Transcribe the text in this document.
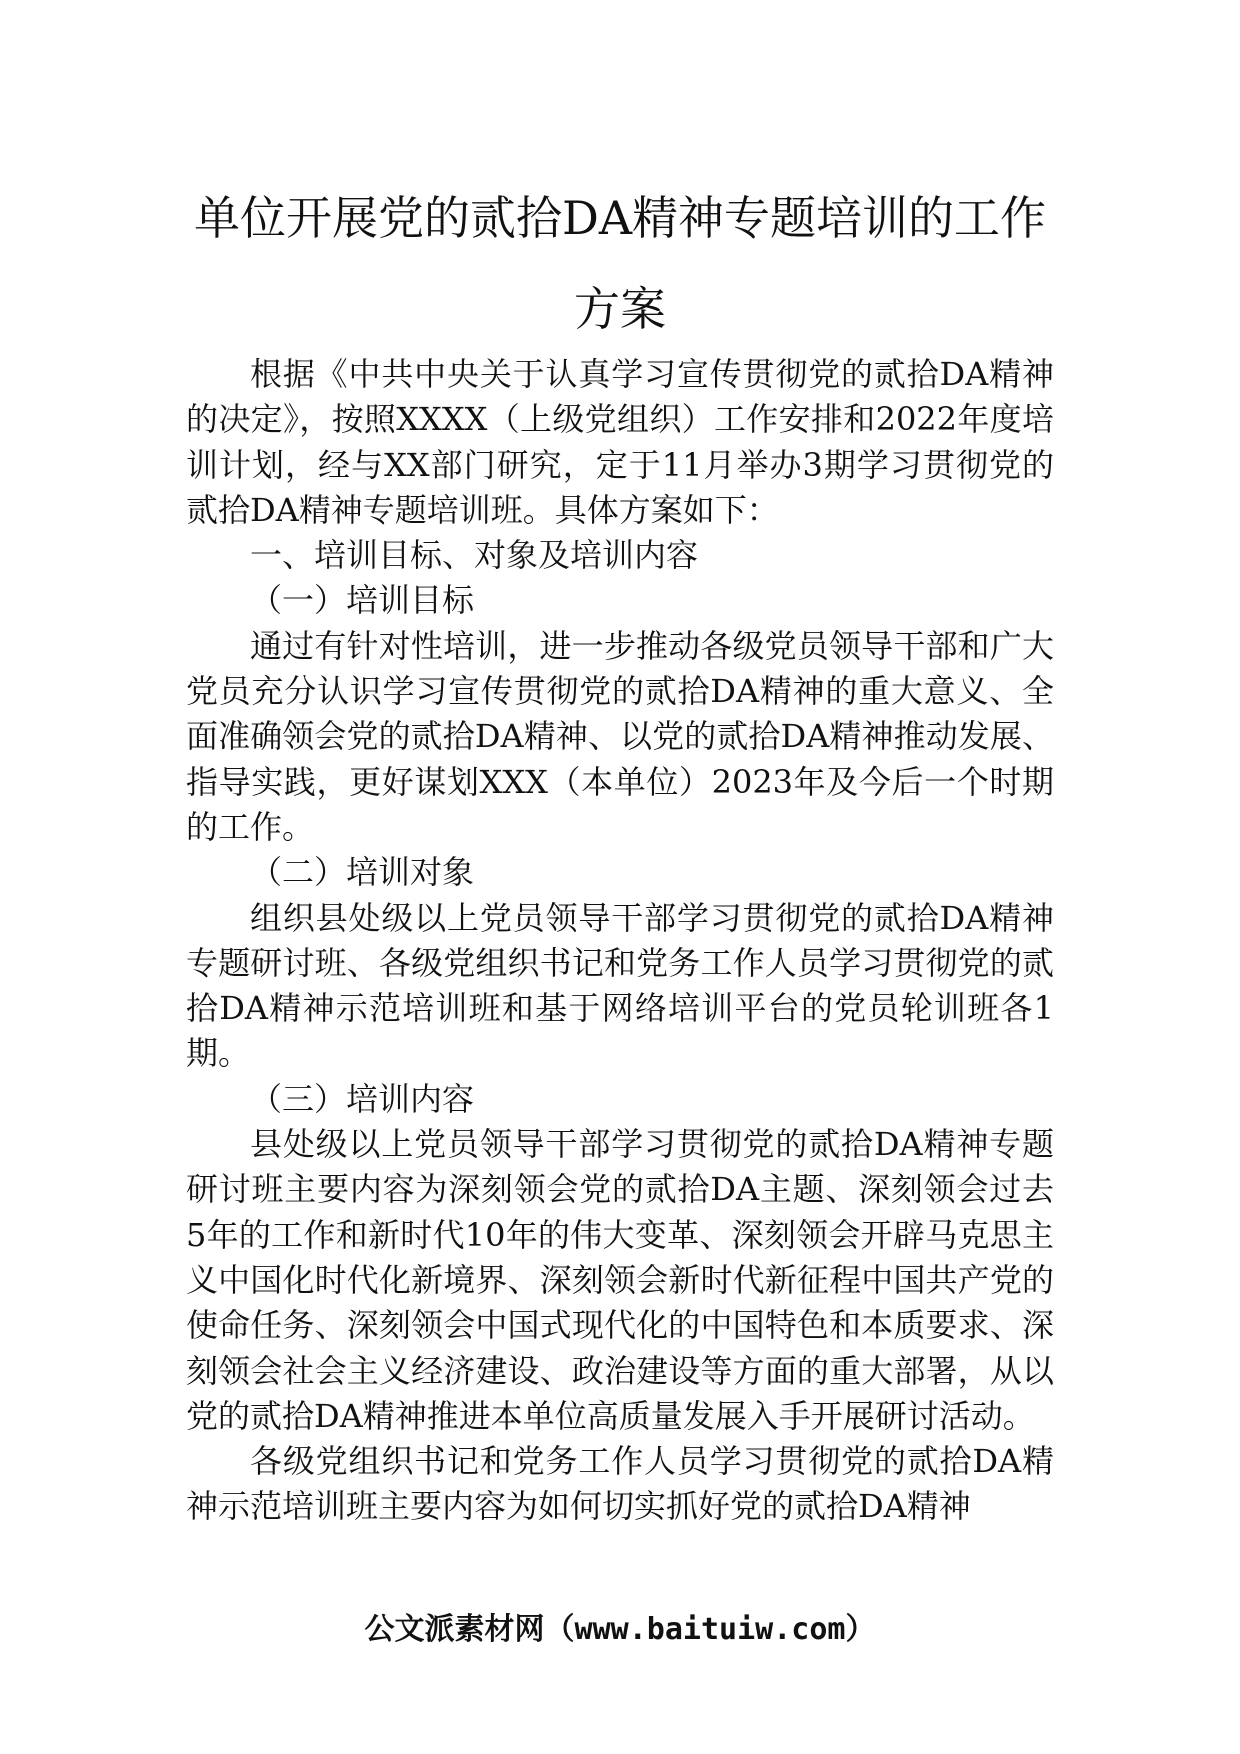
单位开展党的贰拾DA精神专题培训的工作
方案

根据《中共中央关于认真学习宣传贯彻党的贰拾DA精神的决定》，按照XXXX（上级党组织）工作安排和2022年度培训计划，经与XX部门研究，定于11月举办3期学习贯彻党的贰拾DA精神专题培训班。具体方案如下：

一、培训目标、对象及培训内容

（一）培训目标

通过有针对性培训，进一步推动各级党员领导干部和广大党员充分认识学习宣传贯彻党的贰拾DA精神的重大意义、全面准确领会党的贰拾DA精神、以党的贰拾DA精神推动发展、指导实践，更好谋划XXX（本单位）2023年及今后一个时期的工作。

（二）培训对象

组织县处级以上党员领导干部学习贯彻党的贰拾DA精神专题研讨班、各级党组织书记和党务工作人员学习贯彻党的贰拾DA精神示范培训班和基于网络培训平台的党员轮训班各1期。

（三）培训内容

县处级以上党员领导干部学习贯彻党的贰拾DA精神专题研讨班主要内容为深刻领会党的贰拾DA主题、深刻领会过去5年的工作和新时代10年的伟大变革、深刻领会开辟马克思主义中国化时代化新境界、深刻领会新时代新征程中国共产党的使命任务、深刻领会中国式现代化的中国特色和本质要求、深刻领会社会主义经济建设、政治建设等方面的重大部署，从以党的贰拾DA精神推进本单位高质量发展入手开展研讨活动。

各级党组织书记和党务工作人员学习贯彻党的贰拾DA精神示范培训班主要内容为如何切实抓好党的贰拾DA精神

公文派素材网（www.baituiw.com）
